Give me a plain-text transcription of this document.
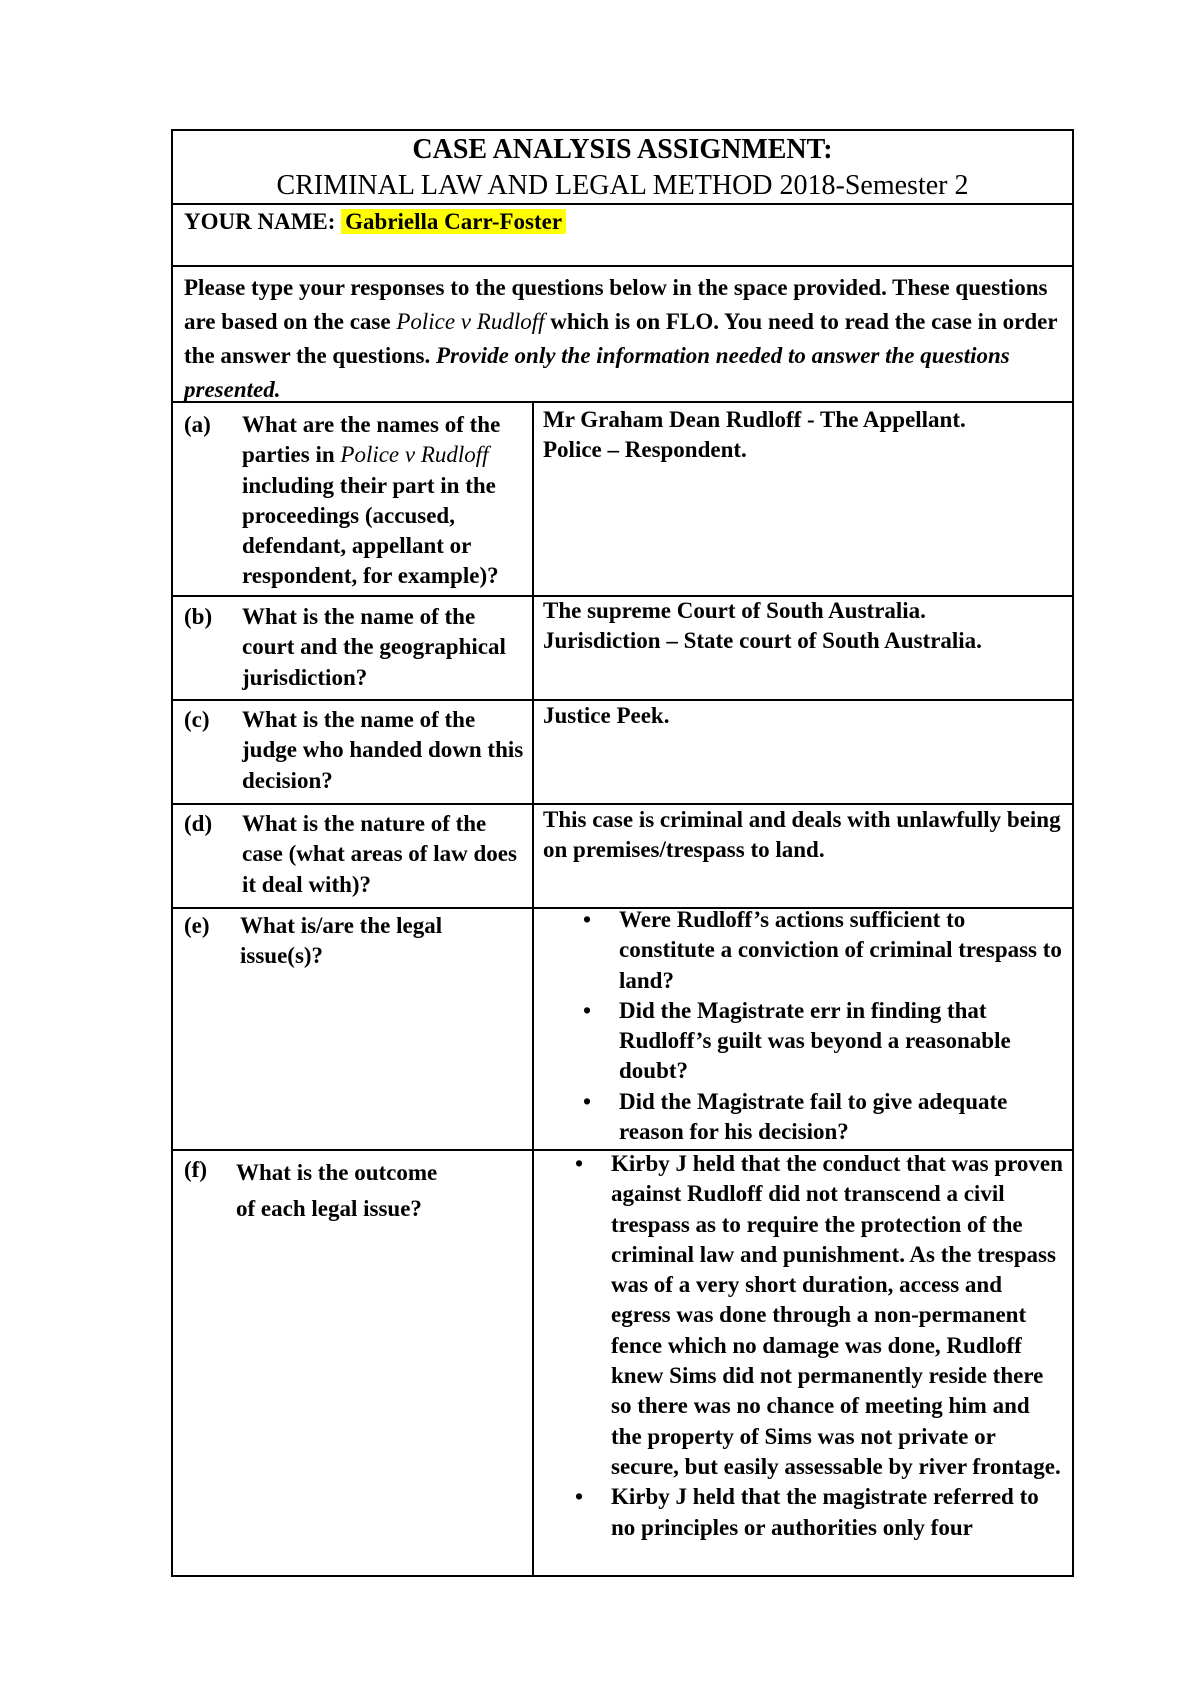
CASE ANALYSIS ASSIGNMENT:
CRIMINAL LAW AND LEGAL METHOD 2018-Semester 2
YOUR NAME: Gabriella Carr-Foster
Please type your responses to the questions below in the space provided. These questions are based on the case Police v Rudloff which is on FLO. You need to read the case in order the answer the questions. Provide only the information needed to answer the questions presented.
(a) What are the names of the parties in Police v Rudloff including their part in the proceedings (accused, defendant, appellant or respondent, for example)?
Mr Graham Dean Rudloff - The Appellant.
Police – Respondent.
(b) What is the name of the court and the geographical jurisdiction?
The supreme Court of South Australia.
Jurisdiction – State court of South Australia.
(c) What is the name of the judge who handed down this decision?
Justice Peek.
(d) What is the nature of the case (what areas of law does it deal with)?
This case is criminal and deals with unlawfully being on premises/trespass to land.
(e) What is/are the legal issue(s)?
• Were Rudloff’s actions sufficient to constitute a conviction of criminal trespass to land?
• Did the Magistrate err in finding that Rudloff’s guilt was beyond a reasonable doubt?
• Did the Magistrate fail to give adequate reason for his decision?
(f) What is the outcome
of each legal issue?
• Kirby J held that the conduct that was proven against Rudloff did not transcend a civil trespass as to require the protection of the criminal law and punishment. As the trespass was of a very short duration, access and egress was done through a non-permanent fence which no damage was done, Rudloff knew Sims did not permanently reside there so there was no chance of meeting him and the property of Sims was not private or secure, but easily assessable by river frontage.
• Kirby J held that the magistrate referred to no principles or authorities only four
